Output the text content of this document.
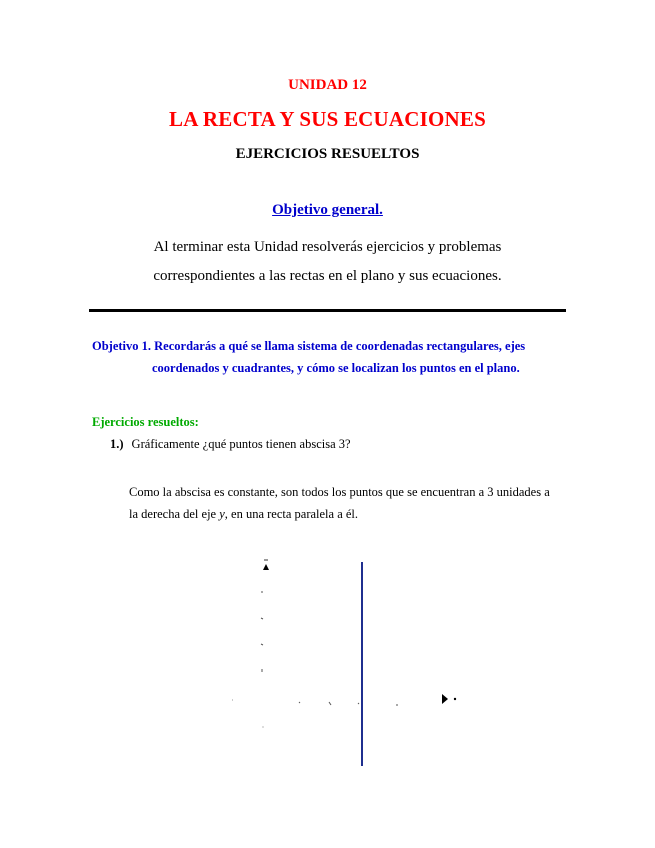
UNIDAD 12
LA RECTA Y SUS ECUACIONES
EJERCICIOS RESUELTOS
Objetivo general.
Al terminar esta Unidad resolverás ejercicios y problemas
correspondientes a las rectas en el plano y sus ecuaciones.
Objetivo 1. Recordarás a qué se llama sistema de coordenadas rectangulares, ejes
coordenados y cuadrantes, y cómo se localizan los puntos en el plano.
Ejercicios resueltos:
1.) Gráficamente ¿qué puntos tienen abscisa 3?
Como la abscisa es constante, son todos los puntos que se encuentran a 3 unidades a
la derecha del eje y, en una recta paralela a él.
